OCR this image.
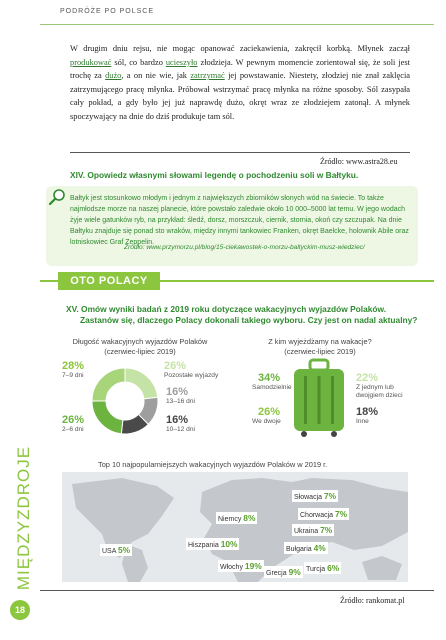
PODRÓŻE PO POLSCE
MIĘDZYZDROJE
18
W drugim dniu rejsu, nie mogąc opanować zaciekawienia, zakręcił korbką. Młynek zaczął produkować sól, co bardzo ucieszyło złodzieja. W pewnym momencie zorientował się, że soli jest trochę za dużo, a on nie wie, jak zatrzymać jej powstawanie. Niestety, złodziej nie znał zaklęcia zatrzymującego pracę młynka. Próbował wstrzymać pracę młynka na różne sposoby. Sól zasypała cały pokład, a gdy było jej już naprawdę dużo, okręt wraz ze złodziejem zatonął. A młynek spoczywający na dnie do dziś produkuje tam sól.
Źródło: www.astra28.eu
XIV. Opowiedz własnymi słowami legendę o pochodzeniu soli w Bałtyku.
Bałtyk jest stosunkowo młodym i jednym z największych zbiorników słonych wód na świecie. To także najmłodsze morze na naszej planecie, które powstało zaledwie około 10 000–5000 lat temu. W jego wodach żyje wiele gatunków ryb, na przykład: śledź, dorsz, morszczuk, ciernik, stornia, okoń czy szczupak. Na dnie Bałtyku znajduje się ponad sto wraków, między innymi tankowiec Franken, okręt Baelcke, holownik Abile oraz lotniskowiec Graf Zeppelin.
Źródło: www.przymorzu.pl/blog/15-ciekawostek-o-morzu-baltyckim-musz-wiedziec/
OTO POLACY
XV. Omów wyniki badań z 2019 roku dotyczące wakacyjnych wyjazdów Polaków.
Zastanów się, dlaczego Polacy dokonali takiego wyboru. Czy jest on nadal aktualny?
Długość wakacyjnych wyjazdów Polaków
(czerwiec-lipiec 2019)
28%
7–9 dni
26%
Pozostałe wyjazdy
16%
13–16 dni
16%
10–12 dni
26%
2–6 dni
Z kim wyjeżdżamy na wakacje?
(czerwiec-lipiec 2019)
34%
Samodzielnie
26%
We dwoje
22%
Z jednym lub dwojgiem dzieci
18%
Inne
Top 10 najpopularniejszych wakacyjnych wyjazdów Polaków w 2019 r.
Słowacja 7%
Chorwacja 7%
Niemcy 8%
Ukraina 7%
USA 5%	Hiszpania 10%
Bułgaria 4%
Włochy 19%
Grecja 9% Turcja 6%
Źródło: rankomat.pl
